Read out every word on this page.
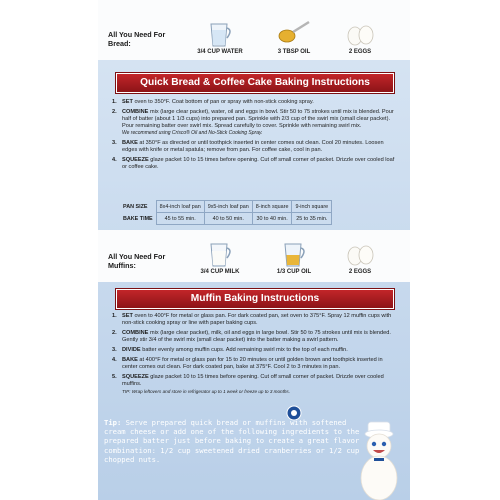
All You Need For Bread:
3/4 CUP WATER	3 TBSP OIL	2 EGGS
Quick Bread & Coffee Cake Baking Instructions
1. SET oven to 350°F. Coat bottom of pan or spray with non-stick cooking spray.
2. COMBINE mix (large clear packet), water, oil and eggs in bowl. Stir 50 to 75 strokes until mix is blended. Pour half of batter (about 1 1/3 cups) into prepared pan. Sprinkle with 2/3 cup of the swirl mix (small clear packet). Pour remaining batter over swirl mix. Spread carefully to cover. Sprinkle with remaining swirl mix.
We recommend using Crisco® Oil and No-Stick Cooking Spray.
3. BAKE at 350°F as directed or until toothpick inserted in center comes out clean. Cool 20 minutes. Loosen edges with knife or metal spatula; remove from pan. For coffee cake, cool in pan.
4. SQUEEZE glaze packet 10 to 15 times before opening. Cut off small corner of packet. Drizzle over cooled loaf or coffee cake.
PAN SIZE	8x4-inch loaf pan	9x5-inch loaf pan	8-inch square	9-inch square
BAKE TIME	45 to 55 min.	40 to 50 min.	30 to 40 min.	25 to 35 min.
All You Need For Muffins:
3/4 CUP MILK	1/3 CUP OIL	2 EGGS
Muffin Baking Instructions
1. SET oven to 400°F for metal or glass pan. For dark coated pan, set oven to 375°F. Spray 12 muffin cups with non-stick cooking spray or line with paper baking cups.
2. COMBINE mix (large clear packet), milk, oil and eggs in large bowl. Stir 50 to 75 strokes until mix is blended. Gently stir 3/4 of the swirl mix (small clear packet) into the batter making a swirl pattern.
3. DIVIDE batter evenly among muffin cups. Add remaining swirl mix to the top of each muffin.
4. BAKE at 400°F for metal or glass pan for 15 to 20 minutes or until golden brown and toothpick inserted in center comes out clean. For dark coated pan, bake at 375°F. Cool 2 to 3 minutes in pan.
5. SQUEEZE glaze packet 10 to 15 times before opening. Cut off small corner of packet. Drizzle over cooled muffins.
TIP: Wrap leftovers and store in refrigerator up to 1 week or freeze up to 3 months.
Tip: Serve prepared quick bread or muffins with softened cream cheese or add one of the following ingredients to the prepared batter just before baking to create a great flavor combination: 1/2 cup sweetened dried cranberries or 1/2 cup chopped nuts.
